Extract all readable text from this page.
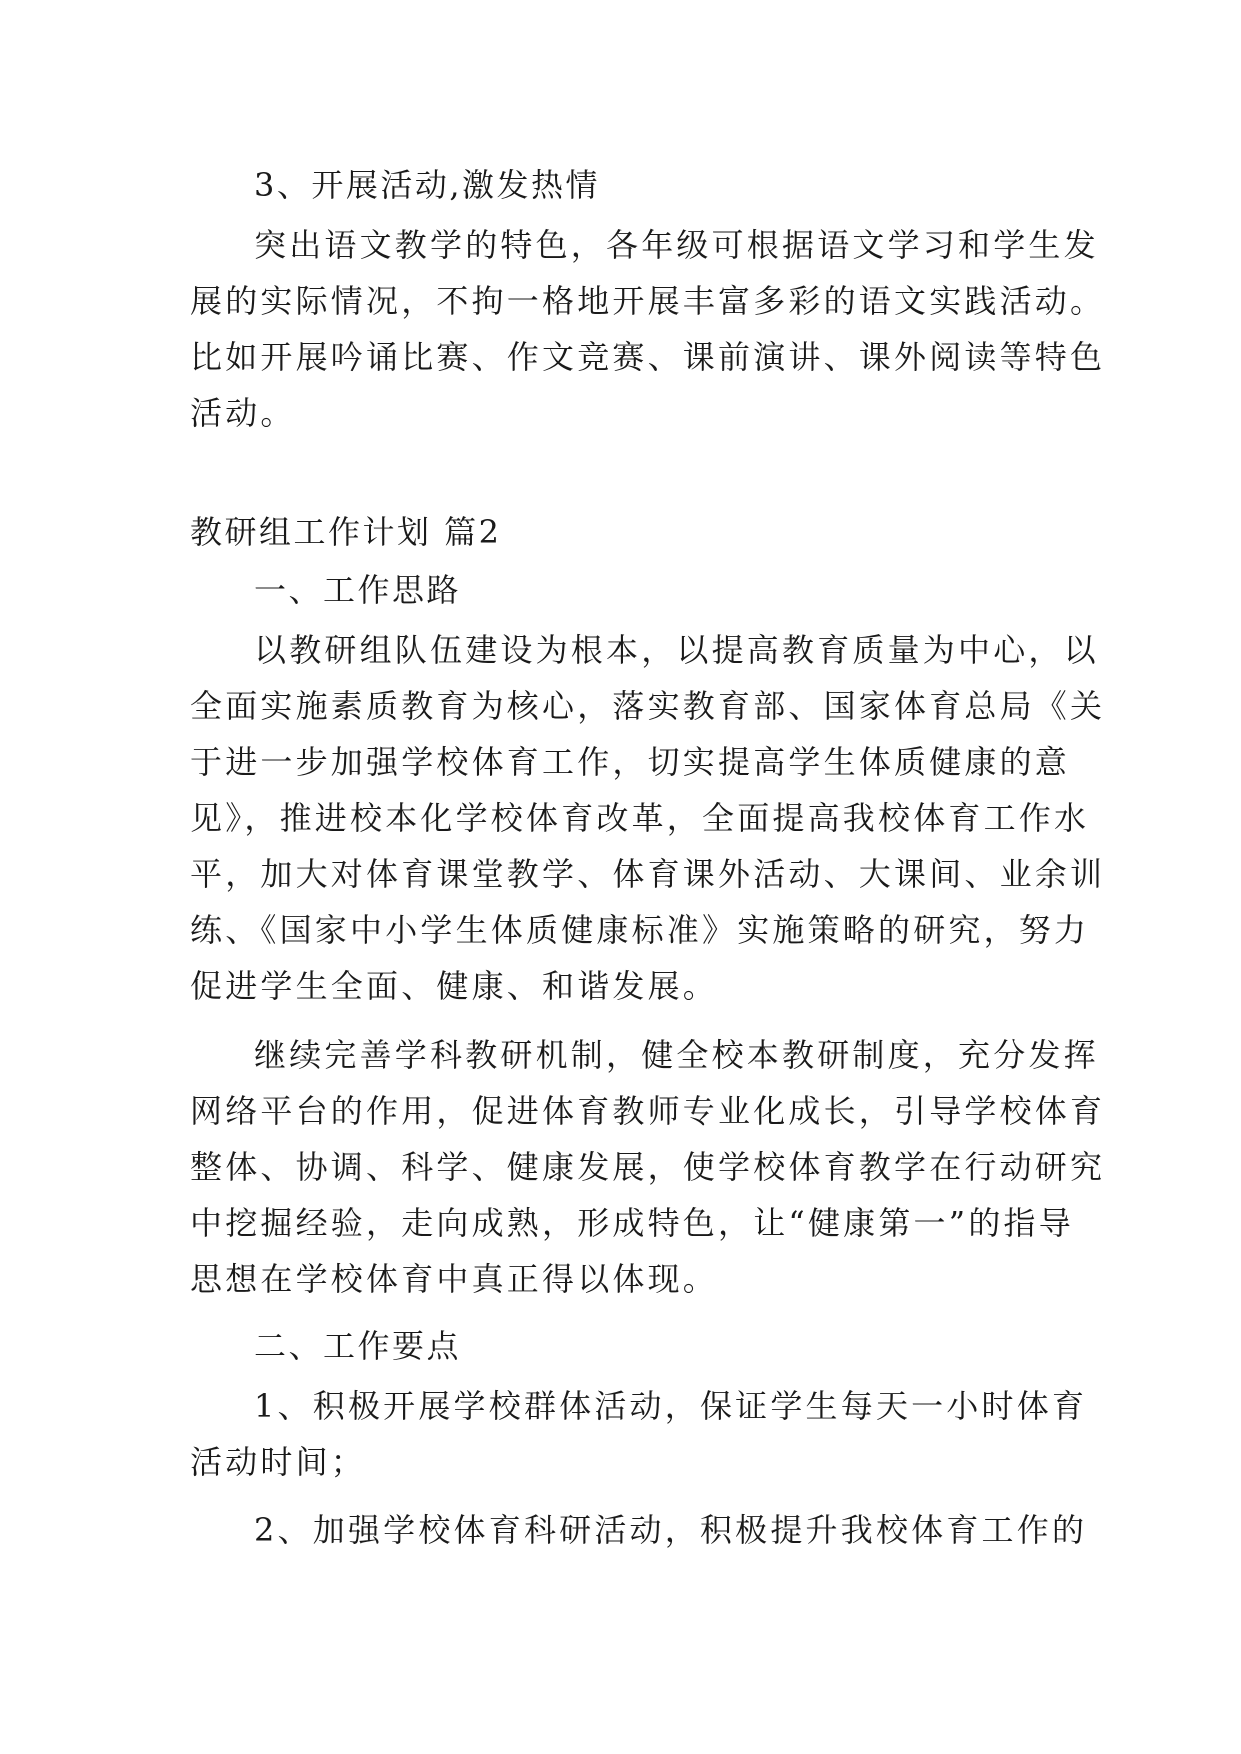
3、开展活动,激发热情
突出语文教学的特色，各年级可根据语文学习和学生发
展的实际情况，不拘一格地开展丰富多彩的语文实践活动。
比如开展吟诵比赛、作文竞赛、课前演讲、课外阅读等特色
活动。
教研组工作计划 篇2
一、工作思路
以教研组队伍建设为根本，以提高教育质量为中心，以
全面实施素质教育为核心，落实教育部、国家体育总局《关
于进一步加强学校体育工作，切实提高学生体质健康的意
见》，推进校本化学校体育改革，全面提高我校体育工作水
平，加大对体育课堂教学、体育课外活动、大课间、业余训
练、《国家中小学生体质健康标准》实施策略的研究，努力
促进学生全面、健康、和谐发展。
继续完善学科教研机制，健全校本教研制度，充分发挥
网络平台的作用，促进体育教师专业化成长，引导学校体育
整体、协调、科学、健康发展，使学校体育教学在行动研究
中挖掘经验，走向成熟，形成特色，让“健康第一”的指导
思想在学校体育中真正得以体现。
二、工作要点
1、积极开展学校群体活动，保证学生每天一小时体育
活动时间；
2、加强学校体育科研活动，积极提升我校体育工作的
